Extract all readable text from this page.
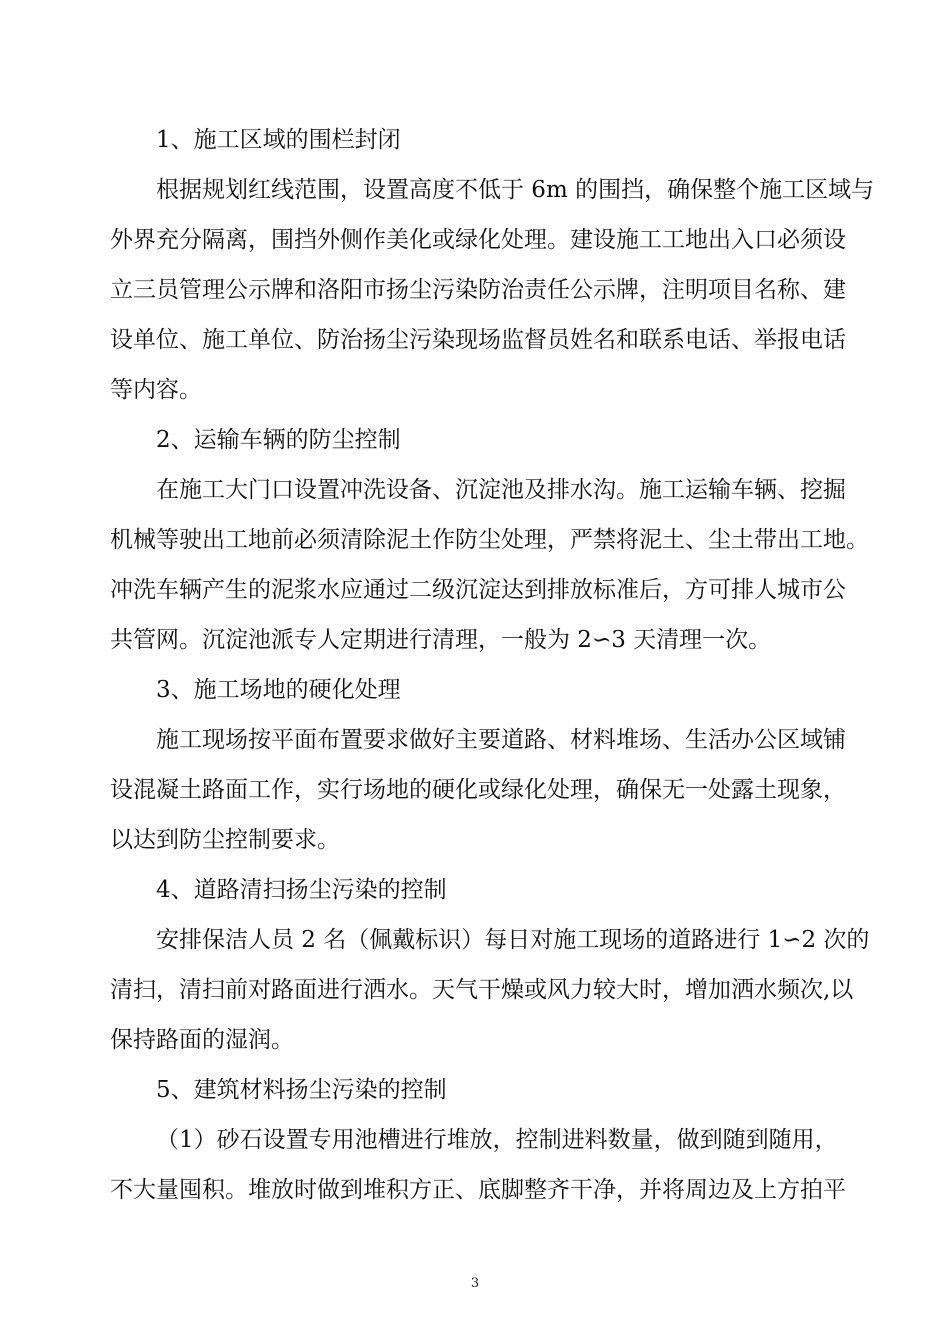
1、施工区域的围栏封闭

根据规划红线范围，设置高度不低于 6m 的围挡，确保整个施工区域与
外界充分隔离，围挡外侧作美化或绿化处理。建设施工工地出入口必须设
立三员管理公示牌和洛阳市扬尘污染防治责任公示牌，注明项目名称、建
设单位、施工单位、防治扬尘污染现场监督员姓名和联系电话、举报电话
等内容。

2、运输车辆的防尘控制

在施工大门口设置冲洗设备、沉淀池及排水沟。施工运输车辆、挖掘
机械等驶出工地前必须清除泥土作防尘处理，严禁将泥土、尘土带出工地。
冲洗车辆产生的泥浆水应通过二级沉淀达到排放标准后，方可排人城市公
共管网。沉淀池派专人定期进行清理，一般为 2∽3 天清理一次。

3、施工场地的硬化处理

施工现场按平面布置要求做好主要道路、材料堆场、生活办公区域铺
设混凝土路面工作，实行场地的硬化或绿化处理，确保无一处露土现象，
以达到防尘控制要求。

4、道路清扫扬尘污染的控制

安排保洁人员 2 名（佩戴标识）每日对施工现场的道路进行 1∽2 次的
清扫，清扫前对路面进行洒水。天气干燥或风力较大时，增加洒水频次,以
保持路面的湿润。

5、建筑材料扬尘污染的控制

（1）砂石设置专用池槽进行堆放，控制进料数量，做到随到随用，
不大量囤积。堆放时做到堆积方正、底脚整齐干净，并将周边及上方拍平

3
